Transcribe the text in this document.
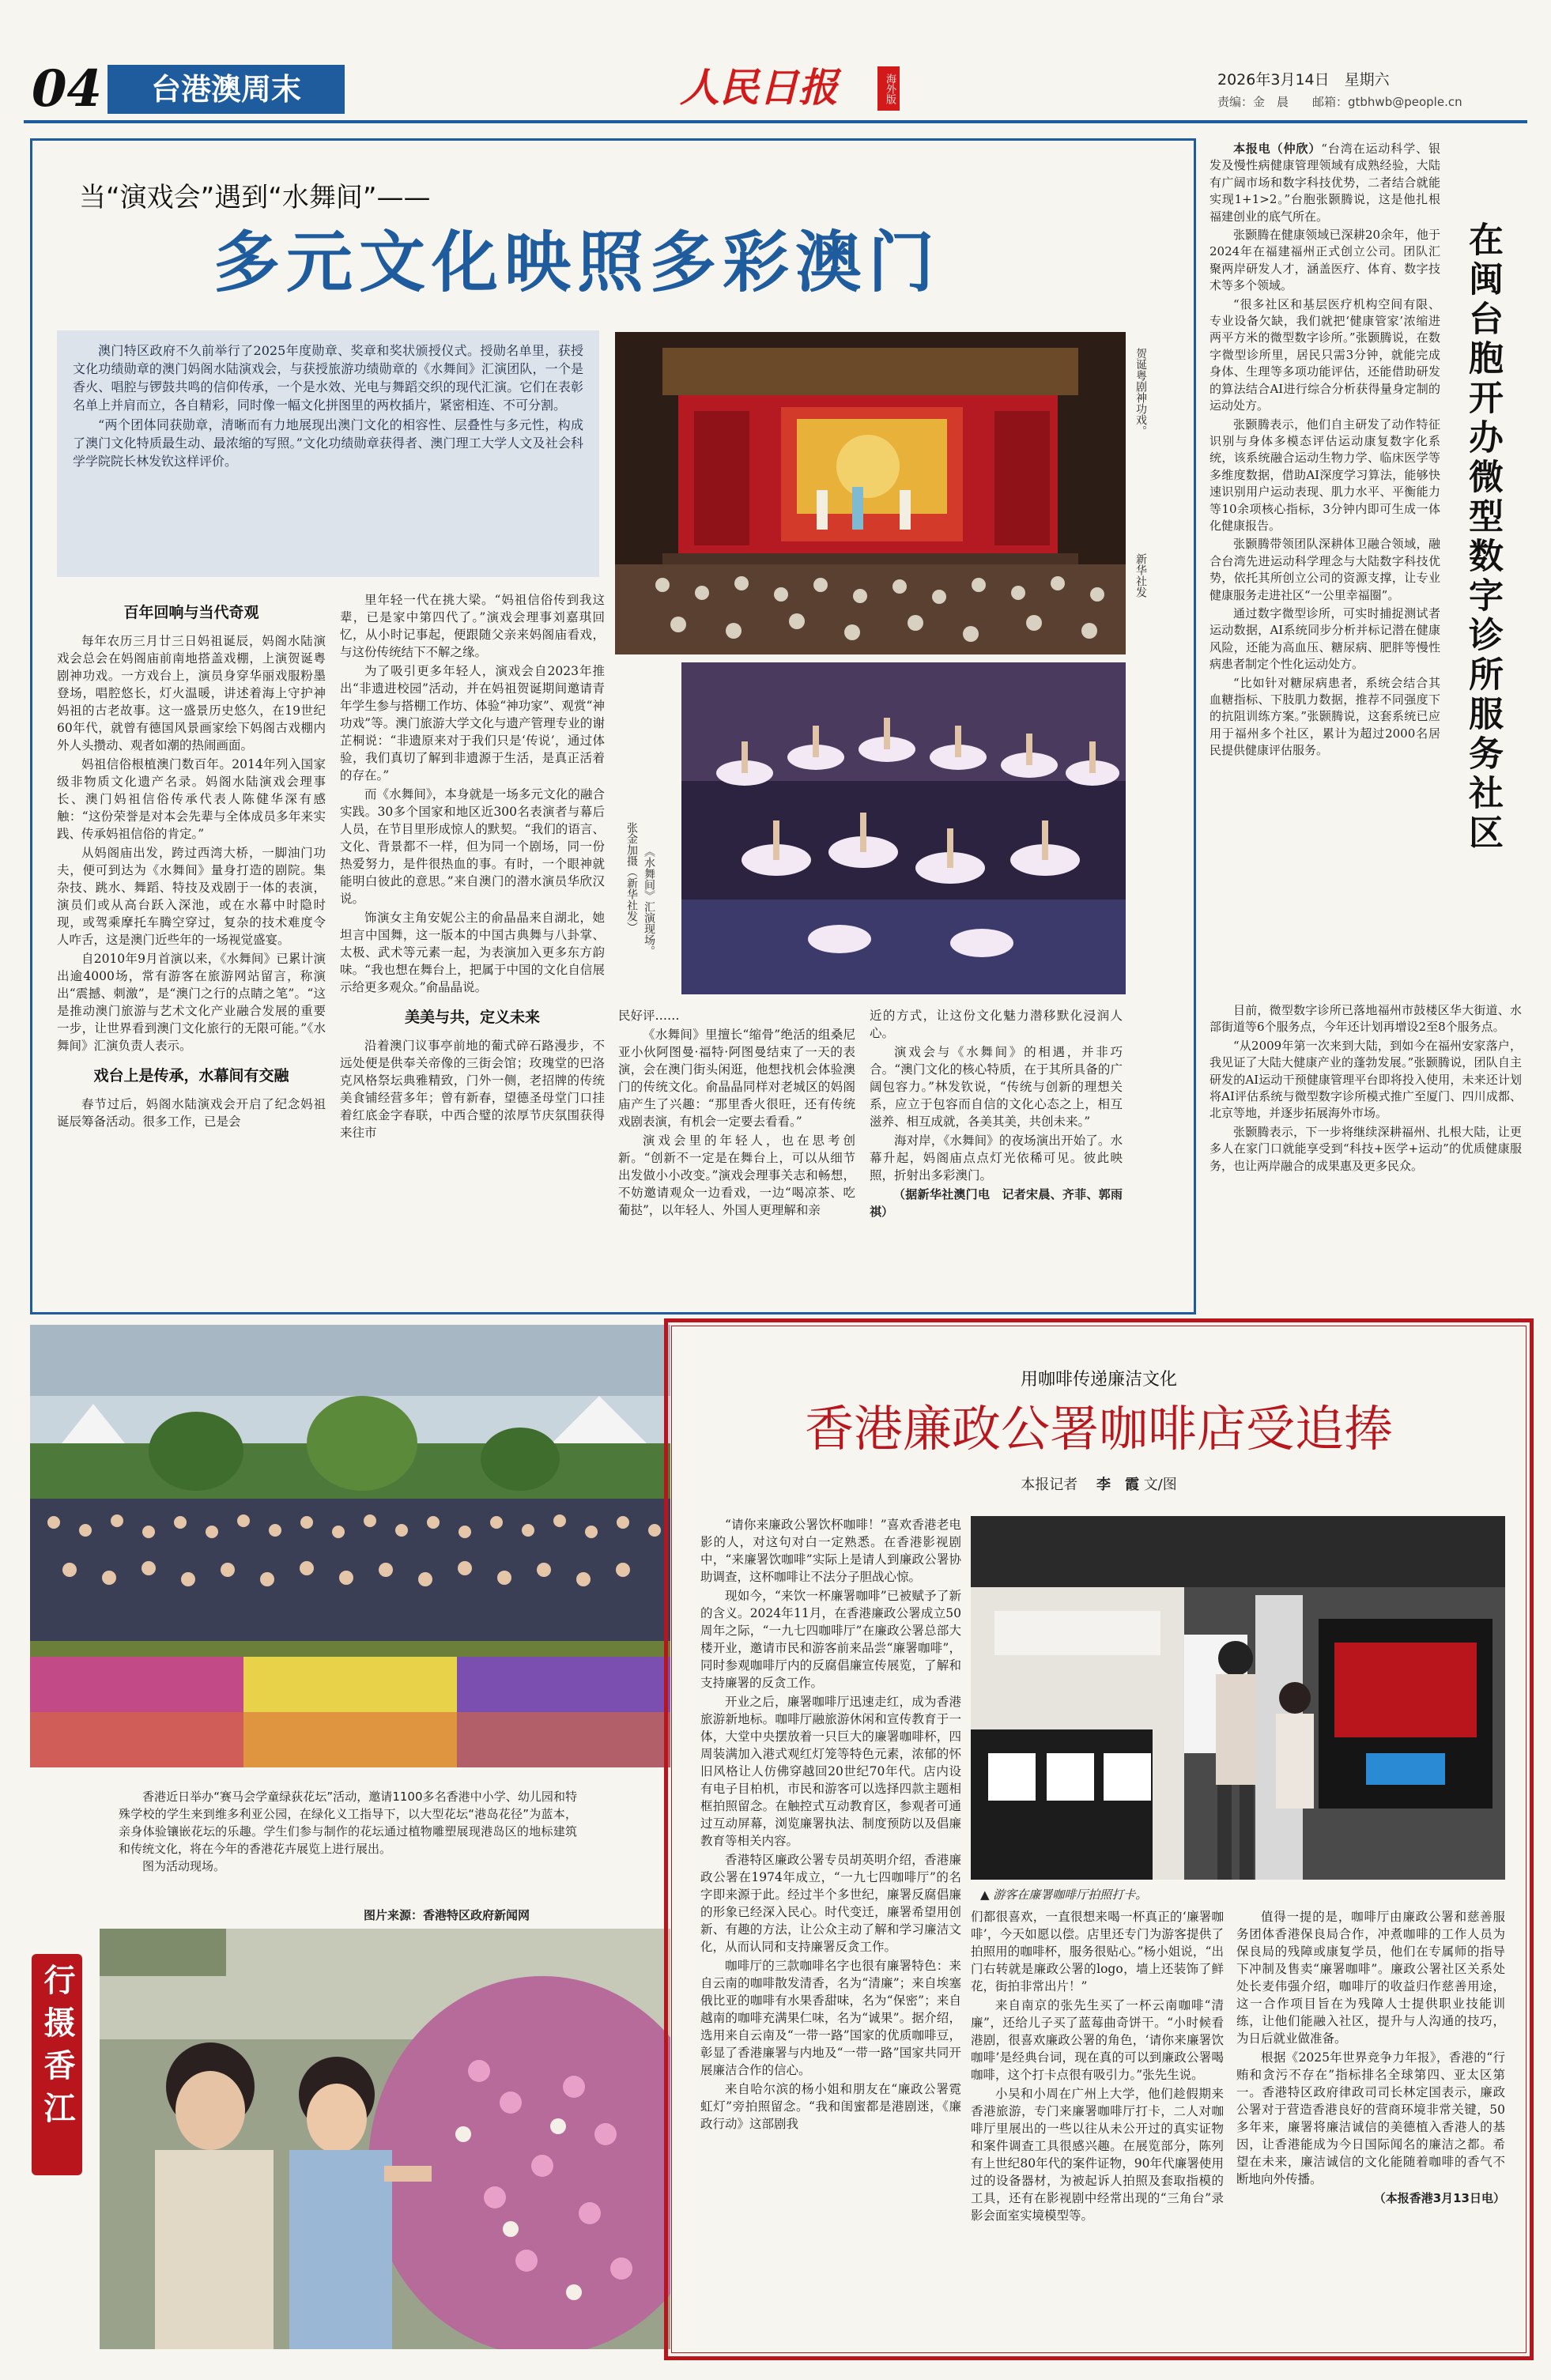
04	台港澳周末	人民日报	海外版	2026年3月14日　星期六
责编：金　晨　　邮箱：gtbhwb@people.cn
当“演戏会”遇到“水舞间”——
多元文化映照多彩澳门

澳门特区政府不久前举行了2025年度勋章、奖章和奖状颁授仪式。授勋名单里，获授文化功绩勋章的澳门妈阁水陆演戏会，与获授旅游功绩勋章的《水舞间》汇演团队，一个是香火、唱腔与锣鼓共鸣的信仰传承，一个是水效、光电与舞蹈交织的现代汇演。它们在表彰名单上并肩而立，各自精彩，同时像一幅文化拼图里的两枚插片，紧密相连、不可分割。

“两个团体同获勋章，清晰而有力地展现出澳门文化的相容性、层叠性与多元性，构成了澳门文化特质最生动、最浓缩的写照。”文化功绩勋章获得者、澳门理工大学人文及社会科学学院院长林发钦这样评价。

贺诞粤剧神功戏。
新华社发
《水舞间》汇演现场。
张金加摄（新华社发）
百年回响与当代奇观

每年农历三月廿三日妈祖诞辰，妈阁水陆演戏会总会在妈阁庙前南地搭盖戏棚，上演贺诞粤剧神功戏。一方戏台上，演员身穿华丽戏服粉墨登场，唱腔悠长，灯火温暖，讲述着海上守护神妈祖的古老故事。这一盛景历史悠久，在19世纪60年代，就曾有德国风景画家绘下妈阁古戏棚内外人头攒动、观者如潮的热闹画面。

妈祖信俗根植澳门数百年。2014年列入国家级非物质文化遗产名录。妈阁水陆演戏会理事长、澳门妈祖信俗传承代表人陈健华深有感触：“这份荣誉是对本会先辈与全体成员多年来实践、传承妈祖信俗的肯定。”

从妈阁庙出发，跨过西湾大桥，一脚油门功夫，便可到达为《水舞间》量身打造的剧院。集杂技、跳水、舞蹈、特技及戏剧于一体的表演，演员们或从高台跃入深池，或在水幕中时隐时现，或驾乘摩托车腾空穿过，复杂的技术难度令人咋舌，这是澳门近些年的一场视觉盛宴。

自2010年9月首演以来，《水舞间》已累计演出逾4000场，常有游客在旅游网站留言，称演出“震撼、刺激”，是“澳门之行的点睛之笔”。“这是推动澳门旅游与艺术文化产业融合发展的重要一步，让世界看到澳门文化旅行的无限可能。”《水舞间》汇演负责人表示。

戏台上是传承，水幕间有交融

春节过后，妈阁水陆演戏会开启了纪念妈祖诞辰筹备活动。很多工作，已是会

里年轻一代在挑大梁。“妈祖信俗传到我这辈，已是家中第四代了。”演戏会理事刘嘉琪回忆，从小时记事起，便跟随父亲来妈阁庙看戏，与这份传统结下不解之缘。

为了吸引更多年轻人，演戏会自2023年推出“非遗进校园”活动，并在妈祖贺诞期间邀请青年学生参与搭棚工作坊、体验“神功家”、观赏“神功戏”等。澳门旅游大学文化与遗产管理专业的谢芷桐说：“非遗原来对于我们只是‘传说’，通过体验，我们真切了解到非遗源于生活，是真正活着的存在。”

而《水舞间》，本身就是一场多元文化的融合实践。30多个国家和地区近300名表演者与幕后人员，在节目里形成惊人的默契。“我们的语言、文化、背景都不一样，但为同一个剧场，同一份热爱努力，是件很热血的事。有时，一个眼神就能明白彼此的意思。”来自澳门的潜水演员华欣汉说。

饰演女主角安妮公主的俞晶晶来自湖北，她坦言中国舞，这一版本的中国古典舞与八卦掌、太极、武术等元素一起，为表演加入更多东方韵味。“我也想在舞台上，把属于中国的文化自信展示给更多观众。”俞晶晶说。

美美与共，定义未来

沿着澳门议事亭前地的葡式碎石路漫步，不远处便是供奉关帝像的三街会馆；玫瑰堂的巴洛克风格祭坛典雅精致，门外一侧，老招牌的传统美食铺经营多年；曾有新春，望德圣母堂门口挂着红底金字春联，中西合璧的浓厚节庆氛围获得来往市

民好评……

《水舞间》里擅长“缩骨”绝活的组桑尼亚小伙阿图曼·福特·阿图曼结束了一天的表演，会在澳门街头闲逛，他想找机会体验澳门的传统文化。俞晶晶同样对老城区的妈阁庙产生了兴趣：“那里香火很旺，还有传统戏剧表演，有机会一定要去看看。”

演戏会里的年轻人，也在思考创新。“创新不一定是在舞台上，可以从细节出发做小小改变。”演戏会理事关志和畅想，不妨邀请观众一边看戏，一边“喝凉茶、吃葡挞”，以年轻人、外国人更理解和亲

近的方式，让这份文化魅力潜移默化浸润人心。

演戏会与《水舞间》的相遇，并非巧合。“澳门文化的核心特质，在于其所具备的广阔包容力。”林发钦说，“传统与创新的理想关系，应立于包容而自信的文化心态之上，相互滋养、相互成就，各美其美，共创未来。”

海对岸，《水舞间》的夜场演出开始了。水幕升起，妈阁庙点点灯光依稀可见。彼此映照，折射出多彩澳门。

（据新华社澳门电　记者宋晨、齐菲、郭雨祺）

本报电（仲欣）“台湾在运动科学、银发及慢性病健康管理领域有成熟经验，大陆有广阔市场和数字科技优势，二者结合就能实现1+1>2。”台胞张颢腾说，这是他扎根福建创业的底气所在。

张颢腾在健康领域已深耕20余年，他于2024年在福建福州正式创立公司。团队汇聚两岸研发人才，涵盖医疗、体育、数字技术等多个领域。

“很多社区和基层医疗机构空间有限、专业设备欠缺，我们就把‘健康管家’浓缩进两平方米的微型数字诊所。”张颢腾说，在数字微型诊所里，居民只需3分钟，就能完成身体、生理等多项功能评估，还能借助研发的算法结合AI进行综合分析获得量身定制的运动处方。

张颢腾表示，他们自主研发了动作特征识别与身体多模态评估运动康复数字化系统，该系统融合运动生物力学、临床医学等多维度数据，借助AI深度学习算法，能够快速识别用户运动表现、肌力水平、平衡能力等10余项核心指标，3分钟内即可生成一体化健康报告。

张颢腾带领团队深耕体卫融合领域，融合台湾先进运动科学理念与大陆数字科技优势，依托其所创立公司的资源支撑，让专业健康服务走进社区“一公里幸福圈”。

通过数字微型诊所，可实时捕捉测试者运动数据，AI系统同步分析并标记潜在健康风险，还能为高血压、糖尿病、肥胖等慢性病患者制定个性化运动处方。

“比如针对糖尿病患者，系统会结合其血糖指标、下肢肌力数据，推荐不同强度下的抗阻训练方案。”张颢腾说，这套系统已应用于福州多个社区，累计为超过2000名居民提供健康评估服务。

目前，微型数字诊所已落地福州市鼓楼区华大街道、水部街道等6个服务点，今年还计划再增设2至8个服务点。

“从2009年第一次来到大陆，到如今在福州安家落户，我见证了大陆大健康产业的蓬勃发展。”张颢腾说，团队自主研发的AI运动干预健康管理平台即将投入使用，未来还计划将AI评估系统与微型数字诊所模式推广至厦门、四川成都、北京等地，并逐步拓展海外市场。

张颢腾表示，下一步将继续深耕福州、扎根大陆，让更多人在家门口就能享受到“科技+医学+运动”的优质健康服务，也让两岸融合的成果惠及更多民众。

在闽台胞开办微型数字诊所服务社区

香港近日举办“赛马会学童绿荻花坛”活动，邀请1100多名香港中小学、幼儿园和特殊学校的学生来到维多利亚公园，在绿化义工指导下，以大型花坛“港岛花径”为蓝本，亲身体验镶嵌花坛的乐趣。学生们参与制作的花坛通过植物雕塑展现港岛区的地标建筑和传统文化，将在今年的香港花卉展览上进行展出。

图为活动现场。

图片来源：香港特区政府新闻网
行摄香江
用咖啡传递廉洁文化
香港廉政公署咖啡店受追捧
本报记者　 李　霞 文/图
▲ 游客在廉署咖啡厅拍照打卡。

“请你来廉政公署饮杯咖啡！”喜欢香港老电影的人，对这句对白一定熟悉。在香港影视剧中，“来廉署饮咖啡”实际上是请人到廉政公署协助调查，这杯咖啡让不法分子胆战心惊。

现如今，“来饮一杯廉署咖啡”已被赋予了新的含义。2024年11月，在香港廉政公署成立50周年之际，“一九七四咖啡厅”在廉政公署总部大楼开业，邀请市民和游客前来品尝“廉署咖啡”，同时参观咖啡厅内的反腐倡廉宣传展览，了解和支持廉署的反贪工作。

开业之后，廉署咖啡厅迅速走红，成为香港旅游新地标。咖啡厅融旅游休闲和宣传教育于一体，大堂中央摆放着一只巨大的廉署咖啡杯，四周装满加入港式观红灯笼等特色元素，浓郁的怀旧风格让人仿佛穿越回20世纪70年代。店内设有电子目柏机，市民和游客可以选择四款主题相框拍照留念。在触控式互动教育区，参观者可通过互动屏幕，浏览廉署执法、制度预防以及倡廉教育等相关内容。

香港特区廉政公署专员胡英明介绍，香港廉政公署在1974年成立，“一九七四咖啡厅”的名字即来源于此。经过半个多世纪，廉署反腐倡廉的形象已经深入民心。时代变迁，廉署希望用创新、有趣的方法，让公众主动了解和学习廉洁文化，从而认同和支持廉署反贪工作。

咖啡厅的三款咖啡名字也很有廉署特色：来自云南的咖啡散发清香，名为“清廉”；来自埃塞俄比亚的咖啡有水果香甜味，名为“保密”；来自越南的咖啡充满果仁味，名为“诚果”。据介绍，选用来自云南及“一带一路”国家的优质咖啡豆，彰显了香港廉署与内地及“一带一路”国家共同开展廉洁合作的信心。

来自哈尔滨的杨小姐和朋友在“廉政公署霓虹灯”旁拍照留念。“我和闺蜜都是港剧迷，《廉政行动》这部剧我

们都很喜欢，一直很想来喝一杯真正的‘廉署咖啡’，今天如愿以偿。店里还专门为游客提供了拍照用的咖啡杯，服务很贴心。”杨小姐说，“出门右转就是廉政公署的logo，墙上还装饰了鲜花，街拍非常出片！”

来自南京的张先生买了一杯云南咖啡“清廉”，还给儿子买了蓝莓曲奇饼干。“小时候看港剧，很喜欢廉政公署的角色，‘请你来廉署饮咖啡’是经典台词，现在真的可以到廉政公署喝咖啡，这个打卡点很有吸引力。”张先生说。

小吴和小周在广州上大学，他们趁假期来香港旅游，专门来廉署咖啡厅打卡，二人对咖啡厅里展出的一些以往从未公开过的真实证物和案件调查工具很感兴趣。在展览部分，陈列有上世纪80年代的案件证物，90年代廉署使用过的设备器材，为被起诉人拍照及套取指模的工具，还有在影视剧中经常出现的“三角台”录影会面室实境模型等。

值得一提的是，咖啡厅由廉政公署和慈善服务团体香港保良局合作，冲煮咖啡的工作人员为保良局的残障或康复学员，他们在专属师的指导下冲制及售卖“廉署咖啡”。廉政公署社区关系处处长麦伟强介绍，咖啡厅的收益归作慈善用途，这一合作项目旨在为残障人士提供职业技能训练，让他们能融入社区，提升与人沟通的技巧，为日后就业做准备。

根据《2025年世界竞争力年报》，香港的“行贿和贪污不存在”指标排名全球第四、亚太区第一。香港特区政府律政司司长林定国表示，廉政公署对于营造香港良好的营商环境非常关键，50多年来，廉署将廉洁诚信的美德植入香港人的基因，让香港能成为今日国际闻名的廉洁之都。希望在未来，廉洁诚信的文化能随着咖啡的香气不断地向外传播。

（本报香港3月13日电）
